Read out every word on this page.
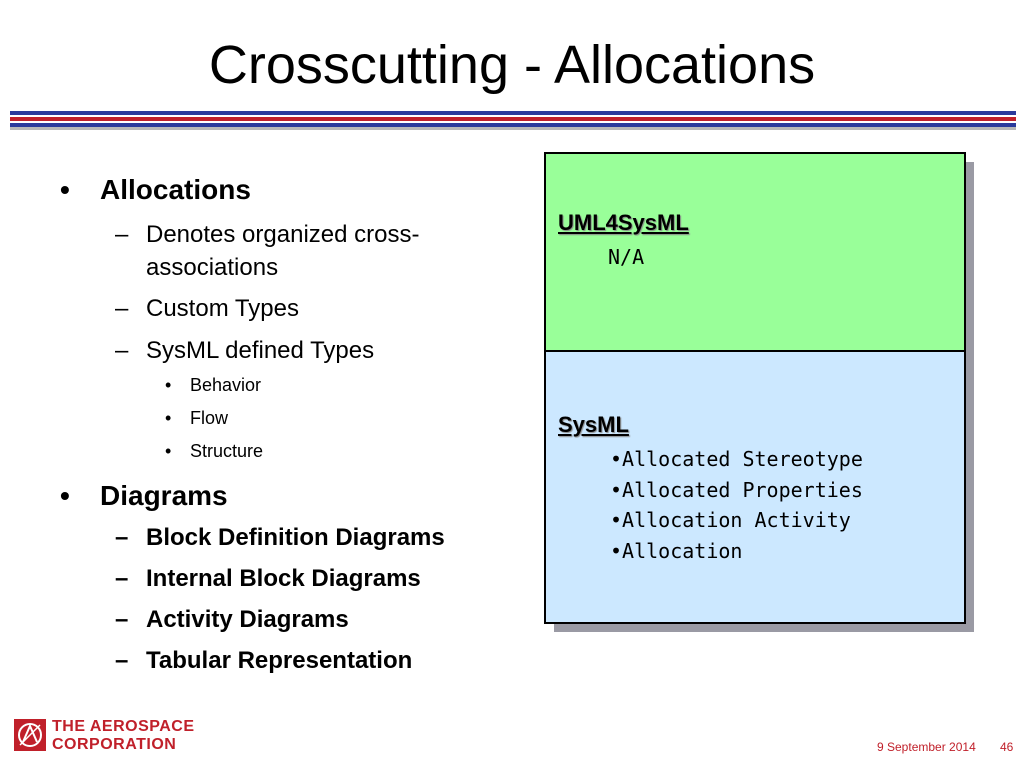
Crosscutting - Allocations
• Allocations
– Denotes organized cross-
associations
– Custom Types
– SysML defined Types
• Behavior
• Flow
• Structure
• Diagrams
– Block Definition Diagrams
– Internal Block Diagrams
– Activity Diagrams
– Tabular Representation
UML4SysML
N/A
SysML
•Allocated Stereotype
•Allocated Properties
•Allocation Activity
•Allocation
THE AEROSPACE
CORPORATION	9 September 2014 46
